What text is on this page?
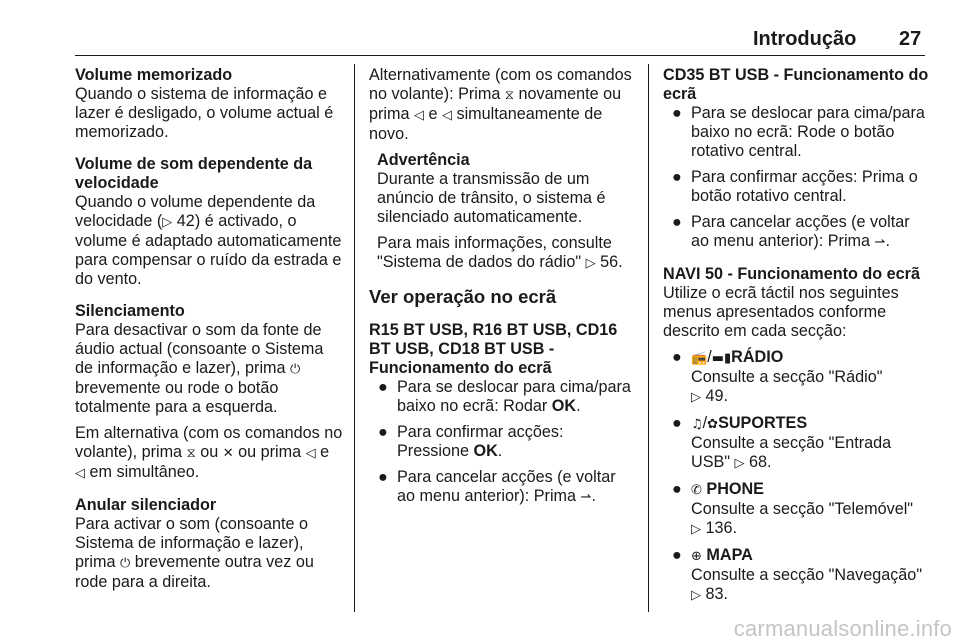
Introdução 27

Volume memorizado

Quando o sistema de informação e lazer é desligado, o volume actual é memorizado.

Volume de som dependente da velocidade

Quando o volume dependente da velocidade (▷ 42) é activado, o volume é adaptado automaticamente para compensar o ruído da estrada e do vento.

Silenciamento

Para desactivar o som da fonte de áudio actual (consoante o Sistema de informação e lazer), prima ⏻ brevemente ou rode o botão totalmente para a esquerda.

Em alternativa (com os comandos no volante), prima ⧖ ou ✕ ou prima ◁ e ◁ em simultâneo.

Anular silenciador

Para activar o som (consoante o Sistema de informação e lazer), prima ⏻ brevemente outra vez ou rode para a direita.

Alternativamente (com os comandos no volante): Prima ⧖ novamente ou prima ◁ e ◁ simultaneamente de novo.

Advertência

Durante a transmissão de um anúncio de trânsito, o sistema é silenciado automaticamente.

Para mais informações, consulte "Sistema de dados do rádio" ▷ 56.

Ver operação no ecrã

R15 BT USB, R16 BT USB, CD16 BT USB, CD18 BT USB - Funcionamento do ecrã

● Para se deslocar para cima/para baixo no ecrã: Rodar OK.
● Para confirmar acções: Pressione OK.
● Para cancelar acções (e voltar ao menu anterior): Prima ⇀.

CD35 BT USB - Funcionamento do ecrã

● Para se deslocar para cima/para baixo no ecrã: Rode o botão rotativo central.
● Para confirmar acções: Prima o botão rotativo central.
● Para cancelar acções (e voltar ao menu anterior): Prima ⇀.

NAVI 50 - Funcionamento do ecrã

Utilize o ecrã táctil nos seguintes menus apresentados conforme descrito em cada secção:

● 📻/▬▮RÁDIO

Consulte a secção "Rádio"

▷ 49.

● ♫/✿SUPORTES

Consulte a secção "Entrada USB" ▷ 68.

● ✆ PHONE

Consulte a secção "Telemóvel"

▷ 136.

● ⊕ MAPA

Consulte a secção "Navegação"

▷ 83.

carmanualsonline.info
